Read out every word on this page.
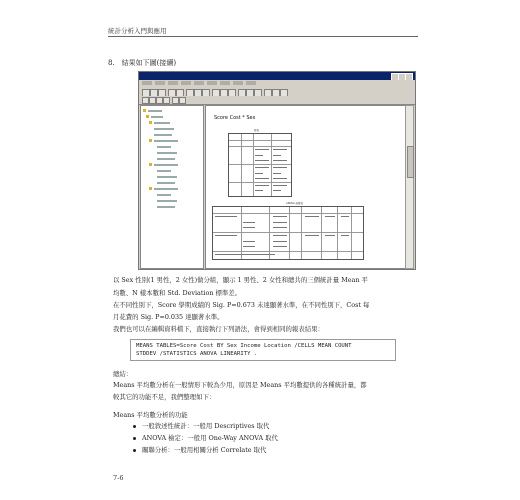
統計分析入門與應用
8.　結果如下圖(接續)
Score Cost * Sex
報表
ANOVA 摘要表
以 Sex 性別(1 男性，2 女性)做分組，顯示 1 男性、2 女性和總共的三個統計量 Mean 平
均數、N 樣本數和 Std. Deviation 標準差。
在不同性別下，Score 學期成績的 Sig. P=0.673 未達顯著水準，在不同性別下，Cost 每
月花費的 Sig. P=0.035 達顯著水準。
我們也可以在編輯資料檔下，直接執行下列語法，會得到相同的報表結果：
MEANS TABLES=Score Cost BY Sex Income Location /CELLS MEAN COUNT
STDDEV /STATISTICS ANOVA LINEARITY .
總結：
Means 平均數分析在一般情形下較為少用，原因是 Means 平均數提供的各種統計量，都
較其它的功能不足，我們整理如下：
Means 平均數分析的功能
一般敘述性統計：一般用 Descriptives 取代
ANOVA 檢定：一般用 One-Way ANOVA 取代
關聯分析：一般用相關分析 Correlate 取代
7-6
